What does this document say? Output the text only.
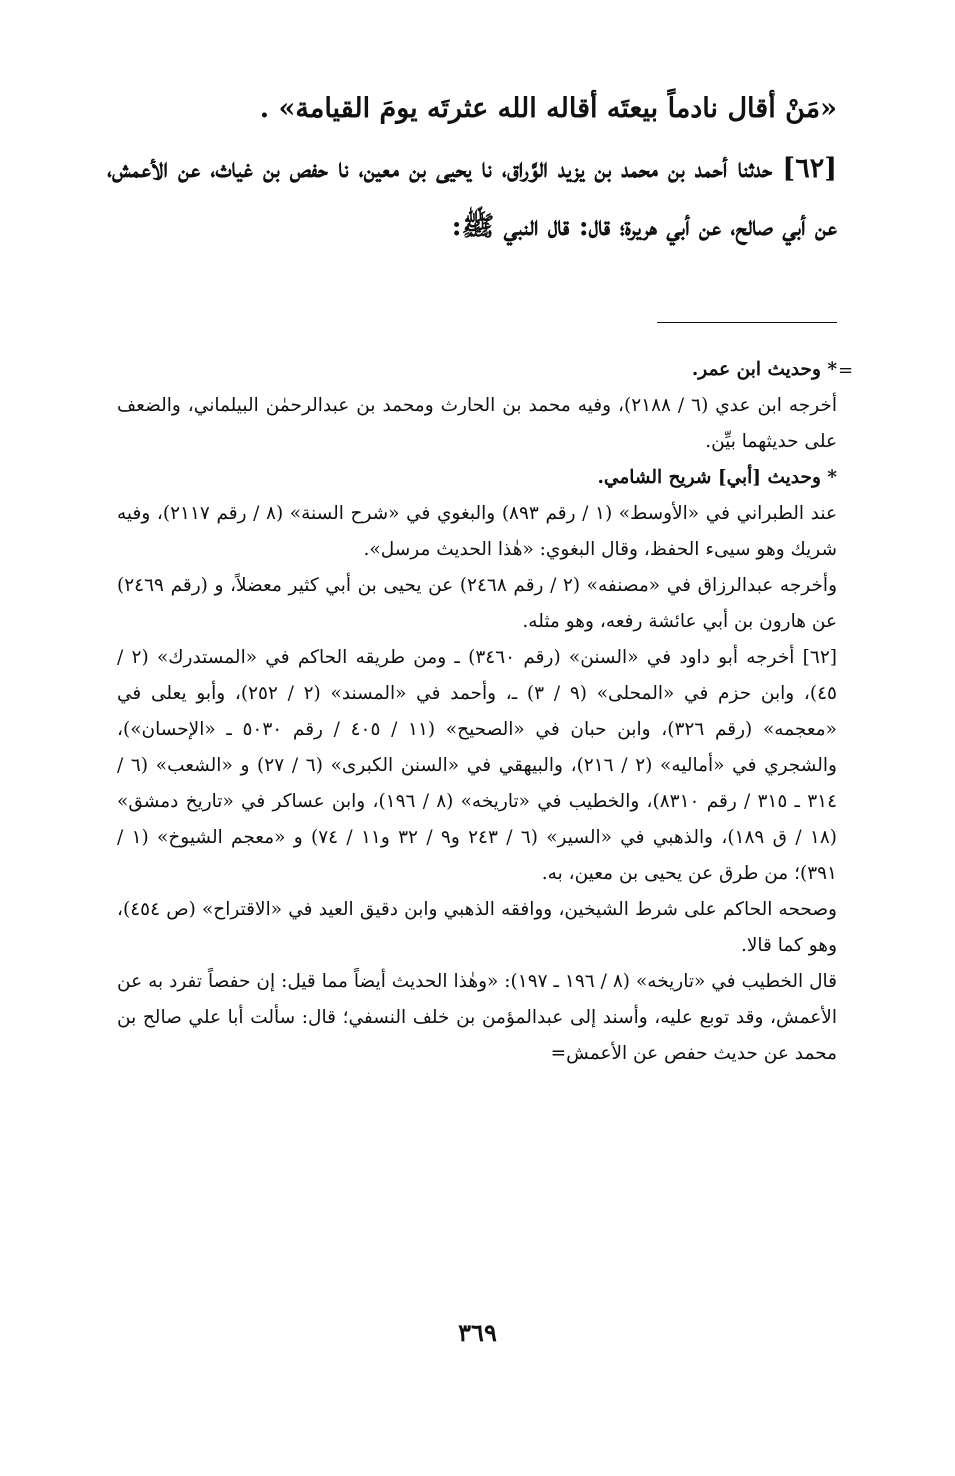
«مَنْ أقال نادماً بيعتَه أقاله الله عثرتَه يومَ القيامة» .

[٦٢] حدثنا أحمد بن محمد بن يزيد الوَّراق، نا يحيى بن معين، نا حفص بن غياث، عن الأعمش، عن أبي صالح، عن أبي هريرة؛ قال: قال النبي ﷺ:

=

* وحديث ابن عمر.

أخرجه ابن عدي (٦ / ٢١٨٨)، وفيه محمد بن الحارث ومحمد بن عبدالرحمٰن البيلماني، والضعف على حديثهما بيِّن.

* وحديث [أبي] شريح الشامي.

عند الطبراني في «الأوسط» (١ / رقم ٨٩٣) والبغوي في «شرح السنة» (٨ / رقم ٢١١٧)، وفيه شريك وهو سيىء الحفظ، وقال البغوي: «هٰذا الحديث مرسل».

وأخرجه عبدالرزاق في «مصنفه» (٢ / رقم ٢٤٦٨) عن يحيى بن أبي كثير معضلاً، و (رقم ٢٤٦٩) عن هارون بن أبي عائشة رفعه، وهو مثله.

[٦٢] أخرجه أبو داود في «السنن» (رقم ٣٤٦٠) ـ ومن طريقه الحاكم في «المستدرك» (٢ / ٤٥)، وابن حزم في «المحلى» (٩ / ٣) ـ، وأحمد في «المسند» (٢ / ٢٥٢)، وأبو يعلى في «معجمه» (رقم ٣٢٦)، وابن حبان في «الصحيح» (١١ / ٤٠٥ / رقم ٥٠٣٠ ـ «الإحسان»)، والشجري في «أماليه» (٢ / ٢١٦)، والبيهقي في «السنن الكبرى» (٦ / ٢٧) و «الشعب» (٦ / ٣١٤ ـ ٣١٥ / رقم ٨٣١٠)، والخطيب في «تاريخه» (٨ / ١٩٦)، وابن عساكر في «تاريخ دمشق» (١٨ / ق ١٨٩)، والذهبي في «السير» (٦ / ٢٤٣ و٩ / ٣٢ و١١ / ٧٤) و «معجم الشيوخ» (١ / ٣٩١)؛ من طرق عن يحيى بن معين، به.

وصححه الحاكم على شرط الشيخين، ووافقه الذهبي وابن دقيق العيد في «الاقتراح» (ص ٤٥٤)، وهو كما قالا.

قال الخطيب في «تاريخه» (٨ / ١٩٦ ـ ١٩٧): «وهٰذا الحديث أيضاً مما قيل: إن حفصاً تفرد به عن الأعمش، وقد توبع عليه، وأسند إلى عبدالمؤمن بن خلف النسفي؛ قال: سألت أبا علي صالح بن محمد عن حديث حفص عن الأعمش=

٣٦٩
